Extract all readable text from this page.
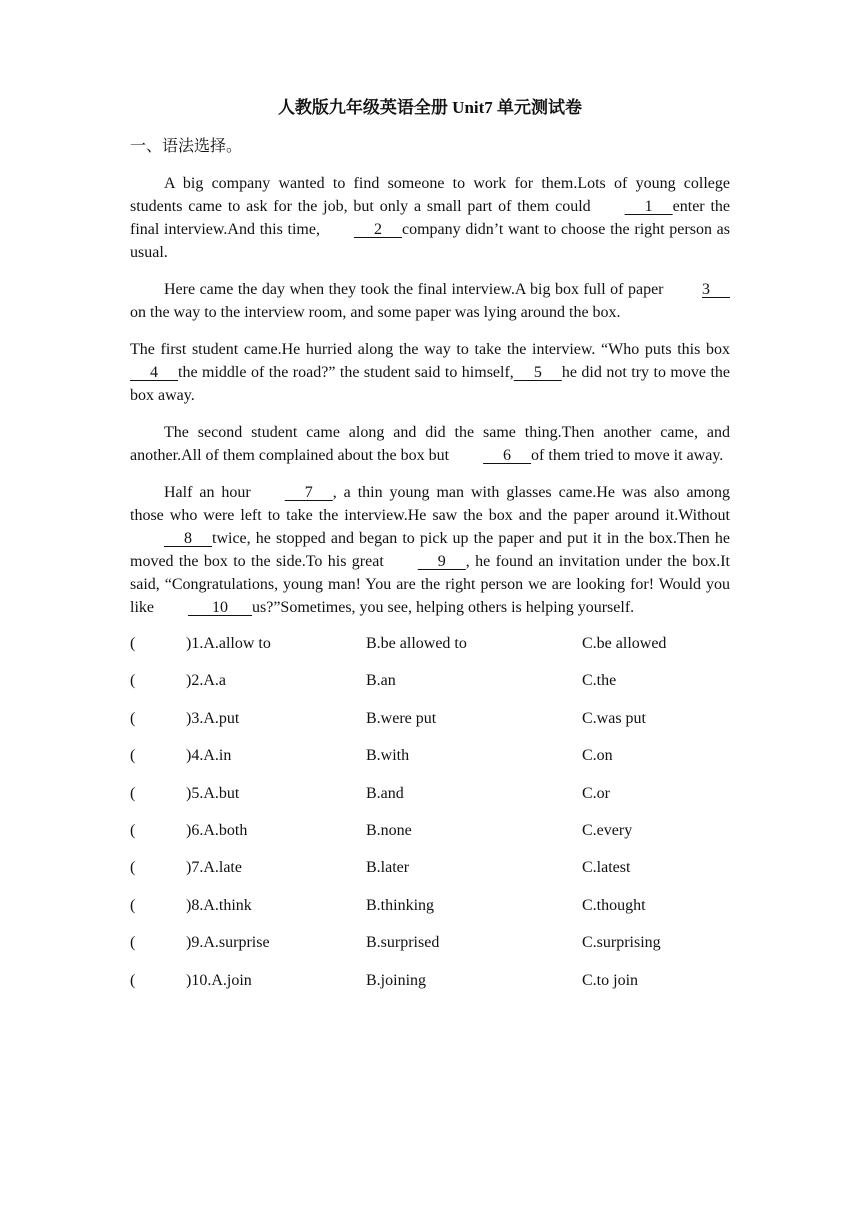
人教版九年级英语全册 Unit7 单元测试卷
一、语法选择。

A big company wanted to find someone to work for them.Lots of young college students came to ask for the job, but only a small part of them could     1     enter the final interview.And this time,     2     company didn’t want to choose the right person as usual.

Here came the day when they took the final interview.A big box full of paper 3     on the way to the interview room, and some paper was lying around the box.

The first student came.He hurried along the way to take the interview. “Who puts this box     4     the middle of the road?” the student said to himself,     5     he did not try to move the box away.

The second student came along and did the same thing.Then another came, and another.All of them complained about the box but     6     of them tried to move it away.

Half an hour     7     , a thin young man with glasses came.He was also among those who were left to take the interview.He saw the box and the paper around it.Without     8     twice, he stopped and began to pick up the paper and put it in the box.Then he moved the box to the side.To his great     9     , he found an invitation under the box.It said, “Congratulations, young man! You are the right person we are looking for! Would you like      10      us?”Sometimes, you see, helping others is helping yourself.

(	)1.A.allow to	B.be allowed to	C.be allowed
(	)2.A.a	B.an	C.the
(	)3.A.put	B.were put	C.was put
(	)4.A.in	B.with	C.on
(	)5.A.but	B.and	C.or
(	)6.A.both	B.none	C.every
(	)7.A.late	B.later	C.latest
(	)8.A.think	B.thinking	C.thought
(	)9.A.surprise	B.surprised	C.surprising
(	)10.A.join	B.joining	C.to join
